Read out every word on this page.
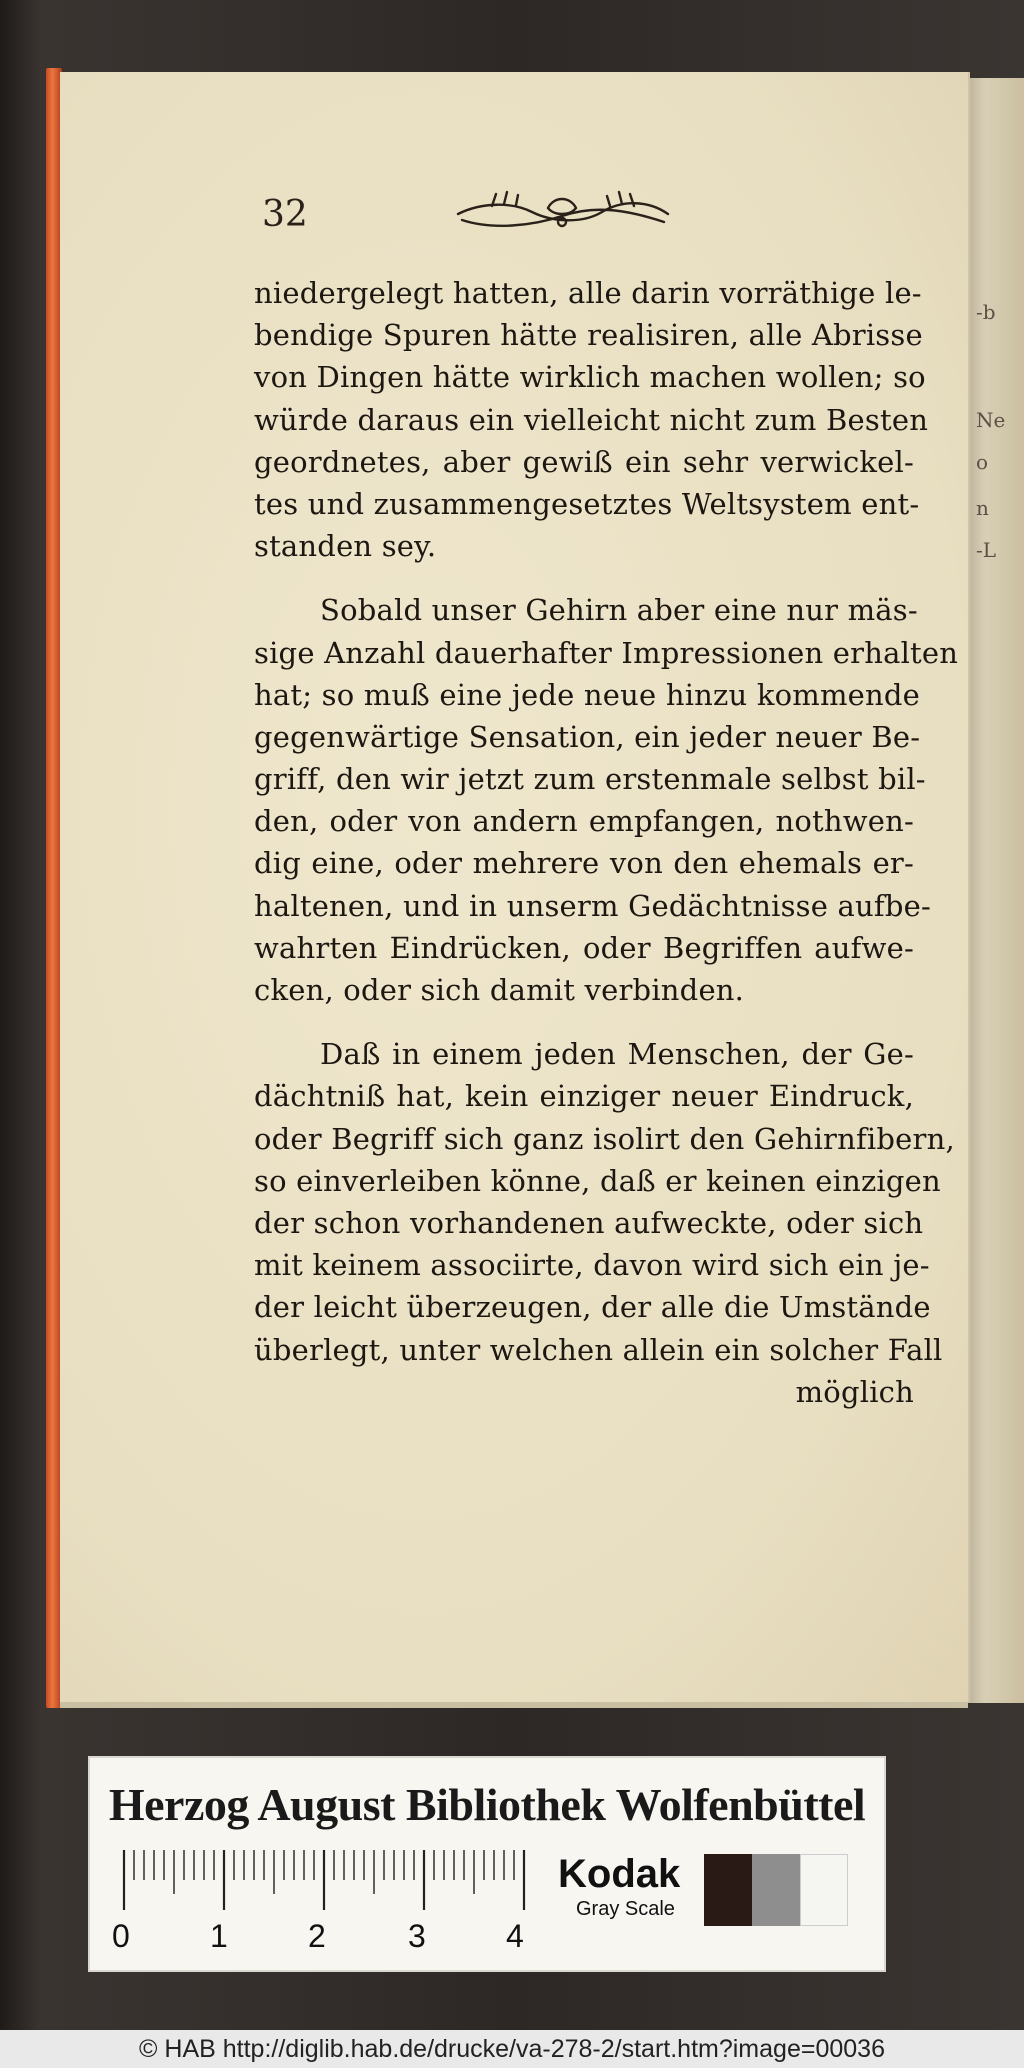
-b
Ne
o
n
-L
32
niedergelegt hatten, alle darin vorräthige le-
bendige Spuren hätte realisiren, alle Abrisse
von Dingen hätte wirklich machen wollen; so
würde daraus ein vielleicht nicht zum Besten
geordnetes, aber gewiß ein sehr verwickel-
tes und zusammengesetztes Weltsystem ent-
standen sey.
Sobald unser Gehirn aber eine nur mäs-
sige Anzahl dauerhafter Impressionen erhalten
hat; so muß eine jede neue hinzu kommende
gegenwärtige Sensation, ein jeder neuer Be-
griff, den wir jetzt zum erstenmale selbst bil-
den, oder von andern empfangen, nothwen-
dig eine, oder mehrere von den ehemals er-
haltenen, und in unserm Gedächtnisse aufbe-
wahrten Eindrücken, oder Begriffen aufwe-
cken, oder sich damit verbinden.
Daß in einem jeden Menschen, der Ge-
dächtniß hat, kein einziger neuer Eindruck,
oder Begriff sich ganz isolirt den Gehirnfibern,
so einverleiben könne, daß er keinen einzigen
der schon vorhandenen aufweckte, oder sich
mit keinem associirte, davon wird sich ein je-
der leicht überzeugen, der alle die Umstände
überlegt, unter welchen allein ein solcher Fall
möglich
Herzog August Bibliothek Wolfenbüttel
0	1	2	3	4
Kodak
Gray Scale
© HAB http://diglib.hab.de/drucke/va-278-2/start.htm?image=00036
